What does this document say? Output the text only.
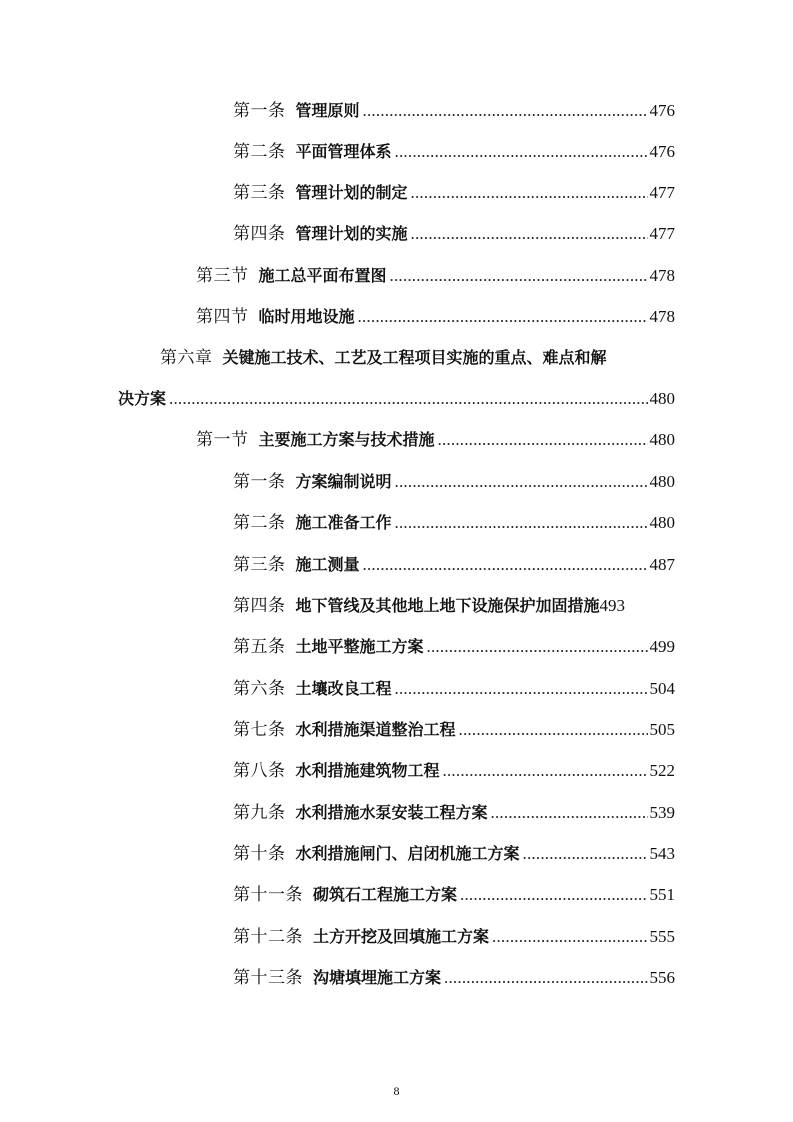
第一条 管理原则 .....	476
第二条 平面管理体系 .....	476
第三条 管理计划的制定 .....	477
第四条 管理计划的实施 .....	477
第三节 施工总平面布置图 .....	478
第四节 临时用地设施 .....	478
第六章 关键施工技术、工艺及工程项目实施的重点、难点和解
决方案 .....	480
第一节 主要施工方案与技术措施 .....	480
第一条 方案编制说明 .....	480
第二条 施工准备工作 .....	480
第三条 施工测量 .....	487
第四条 地下管线及其他地上地下设施保护加固措施 493
第五条 土地平整施工方案 .....	499
第六条 土壤改良工程 .....	504
第七条 水利措施渠道整治工程 .....	505
第八条 水利措施建筑物工程 .....	522
第九条 水利措施水泵安装工程方案 .....	539
第十条 水利措施闸门、启闭机施工方案 .....	543
第十一条 砌筑石工程施工方案 .....	551
第十二条 土方开挖及回填施工方案 .....	555
第十三条 沟塘填埋施工方案 .....	556
8
